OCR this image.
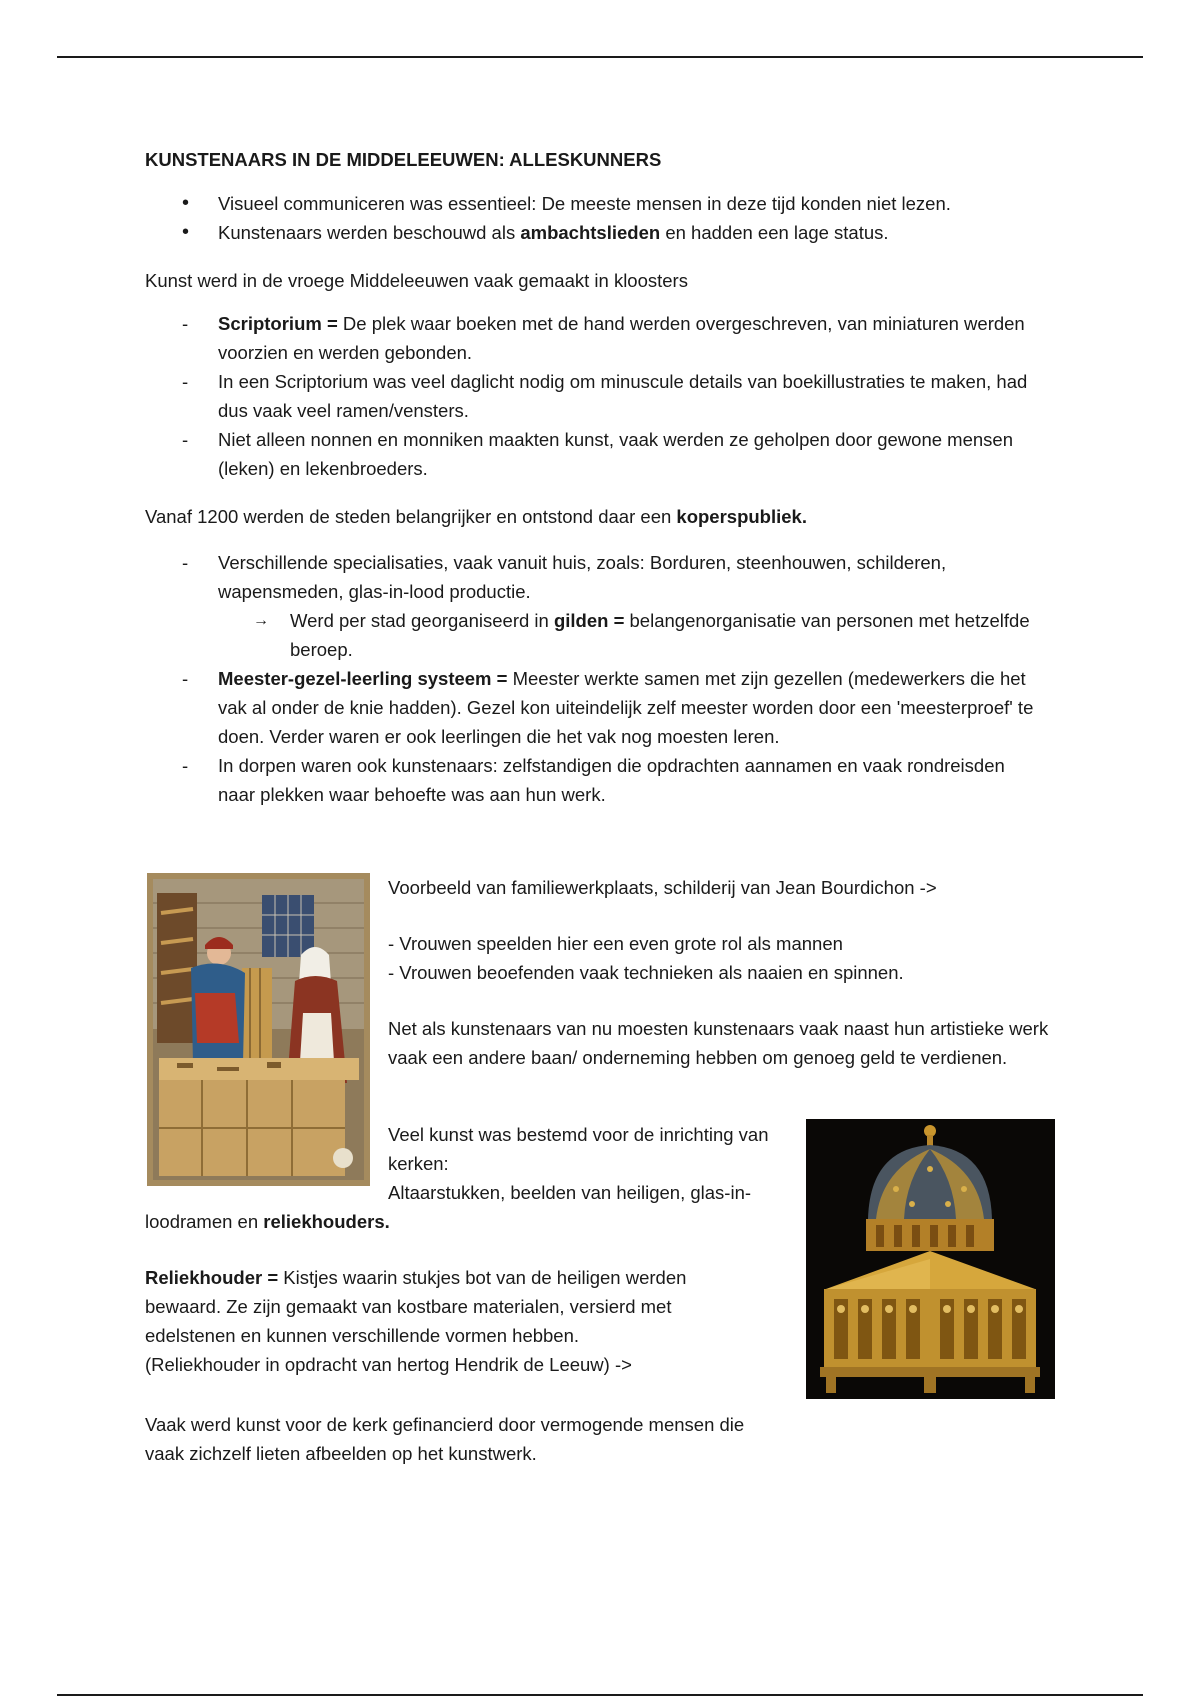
KUNSTENAARS IN DE MIDDELEEUWEN: ALLESKUNNERS
• Visueel communiceren was essentieel: De meeste mensen in deze tijd konden niet lezen.
• Kunstenaars werden beschouwd als ambachtslieden en hadden een lage status.
Kunst werd in de vroege Middeleeuwen vaak gemaakt in kloosters
- Scriptorium = De plek waar boeken met de hand werden overgeschreven, van miniaturen werden voorzien en werden gebonden.
- In een Scriptorium was veel daglicht nodig om minuscule details van boekillustraties te maken, had dus vaak veel ramen/vensters.
- Niet alleen nonnen en monniken maakten kunst, vaak werden ze geholpen door gewone mensen (leken) en lekenbroeders.
Vanaf 1200 werden de steden belangrijker en ontstond daar een koperspubliek.
- Verschillende specialisaties, vaak vanuit huis, zoals: Borduren, steenhouwen, schilderen, wapensmeden, glas-in-lood productie.
→ Werd per stad georganiseerd in gilden = belangenorganisatie van personen met hetzelfde beroep.
- Meester-gezel-leerling systeem = Meester werkte samen met zijn gezellen (medewerkers die het vak al onder de knie hadden). Gezel kon uiteindelijk zelf meester worden door een 'meesterproef' te doen. Verder waren er ook leerlingen die het vak nog moesten leren.
- In dorpen waren ook kunstenaars: zelfstandigen die opdrachten aannamen en vaak rondreisden naar plekken waar behoefte was aan hun werk.
Voorbeeld van familiewerkplaats, schilderij van Jean Bourdichon ->
- Vrouwen speelden hier een even grote rol als mannen
- Vrouwen beoefenden vaak technieken als naaien en spinnen.
Net als kunstenaars van nu moesten kunstenaars vaak naast hun artistieke werk vaak een andere baan/ onderneming hebben om genoeg geld te verdienen.
Veel kunst was bestemd voor de inrichting van kerken:
Altaarstukken, beelden van heiligen, glas-in-
loodramen en reliekhouders.
Reliekhouder = Kistjes waarin stukjes bot van de heiligen werden bewaard. Ze zijn gemaakt van kostbare materialen, versierd met edelstenen en kunnen verschillende vormen hebben.
(Reliekhouder in opdracht van hertog Hendrik de Leeuw) ->
Vaak werd kunst voor de kerk gefinancierd door vermogende mensen die vaak zichzelf lieten afbeelden op het kunstwerk.
